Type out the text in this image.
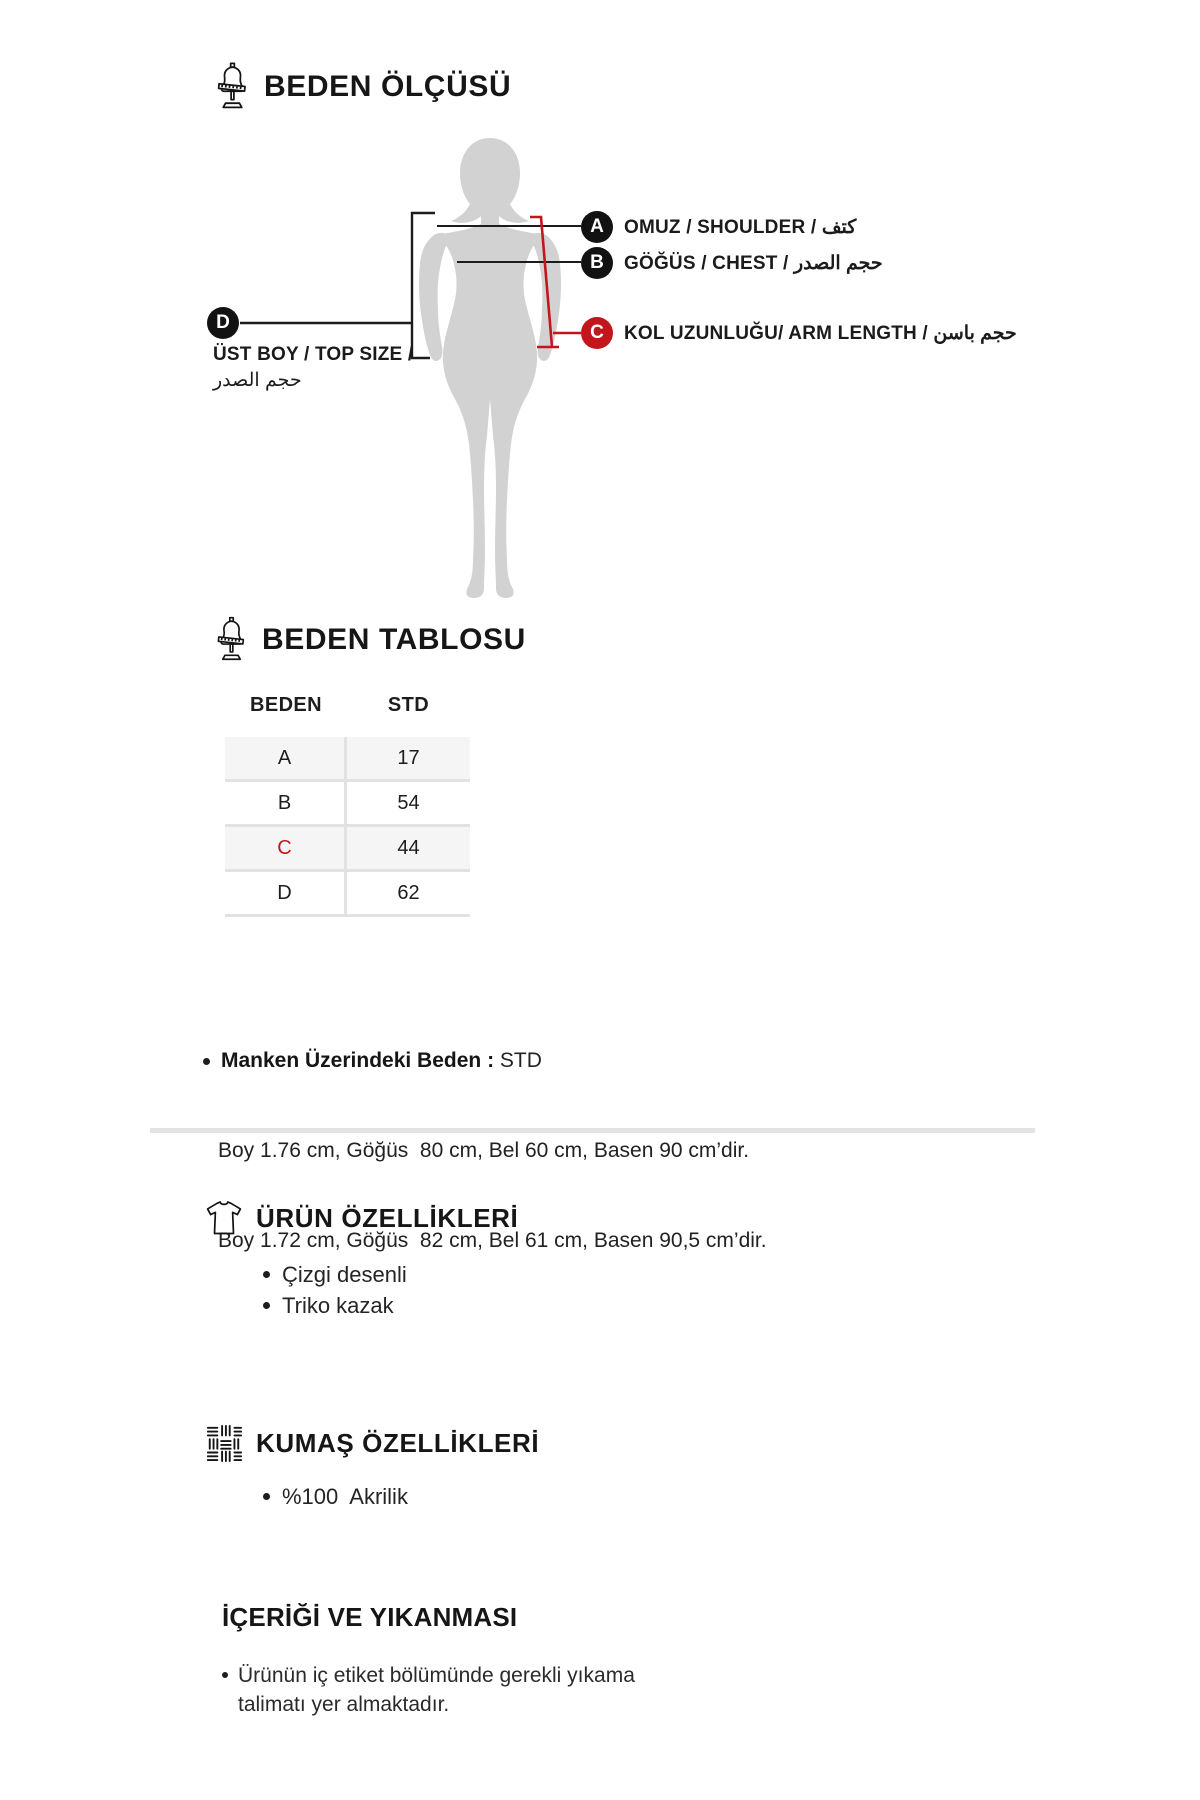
BEDEN ÖLÇÜSÜ
A
B
C
D
OMUZ / SHOULDER / كتف
GÖĞÜS / CHEST / حجم الصدر
KOL UZUNLUĞU/ ARM LENGTH / حجم باسن
ÜST BOY / TOP SIZE /
حجم الصدر
BEDEN TABLOSU
BEDEN	STD
A	17
B	54
C	44
D	62

Manken Üzerindeki Beden : STD

Boy 1.76 cm, Göğüs  80 cm, Bel 60 cm, Basen 90 cm’dir.

Boy 1.72 cm, Göğüs  82 cm, Bel 61 cm, Basen 90,5 cm’dir.

ÜRÜN ÖZELLİKLERİ
Çizgi desenli
Triko kazak
KUMAŞ ÖZELLİKLERİ
%100  Akrilik
İÇERİĞİ VE YIKANMASI
Ürünün iç etiket bölümünde gerekli yıkama talimatı yer almaktadır.
